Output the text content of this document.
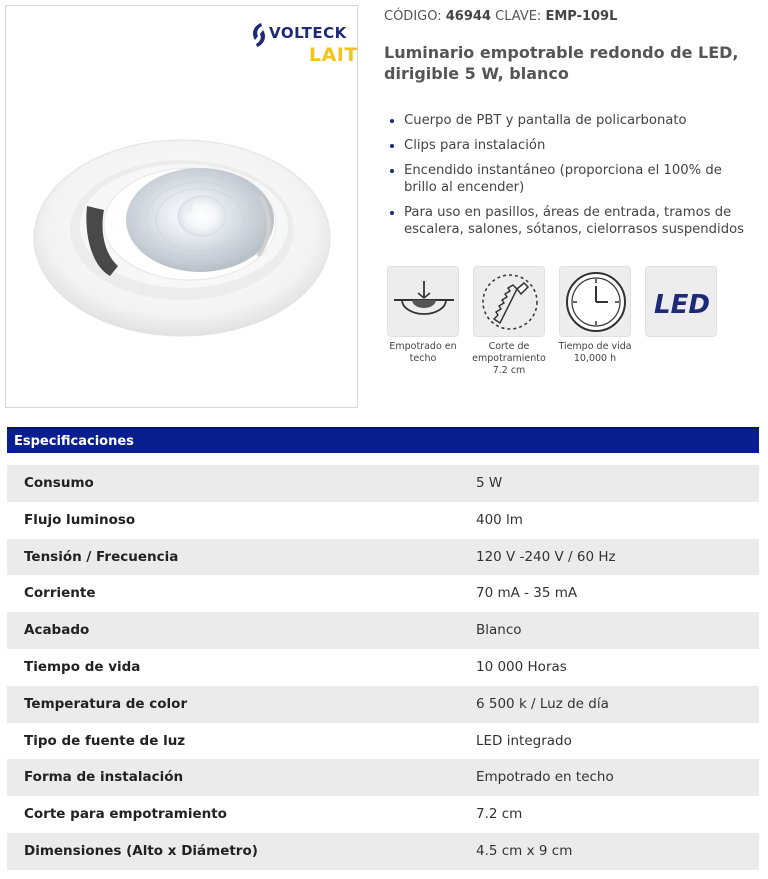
VOLTECK
LAIT
CÓDIGO: 46944 CLAVE: EMP-109L
Luminario empotrable redondo de LED, dirigible 5 W, blanco
Cuerpo de PBT y pantalla de policarbonato
Clips para instalación
Encendido instantáneo (proporciona el 100% de brillo al encender)
Para uso en pasillos, áreas de entrada, tramos de escalera, salones, sótanos, cielorrasos suspendidos
Empotrado en techo
Corte de empotramiento 7.2 cm
Tiempo de vida 10,000 h
LED
Especificaciones
Consumo	5 W
Flujo luminoso	400 lm
Tensión / Frecuencia	120 V -240 V / 60 Hz
Corriente	70 mA - 35 mA
Acabado	Blanco
Tiempo de vida	10 000 Horas
Temperatura de color	6 500 k / Luz de día
Tipo de fuente de luz	LED integrado
Forma de instalación	Empotrado en techo
Corte para empotramiento	7.2 cm
Dimensiones (Alto x Diámetro)	4.5 cm x 9 cm
